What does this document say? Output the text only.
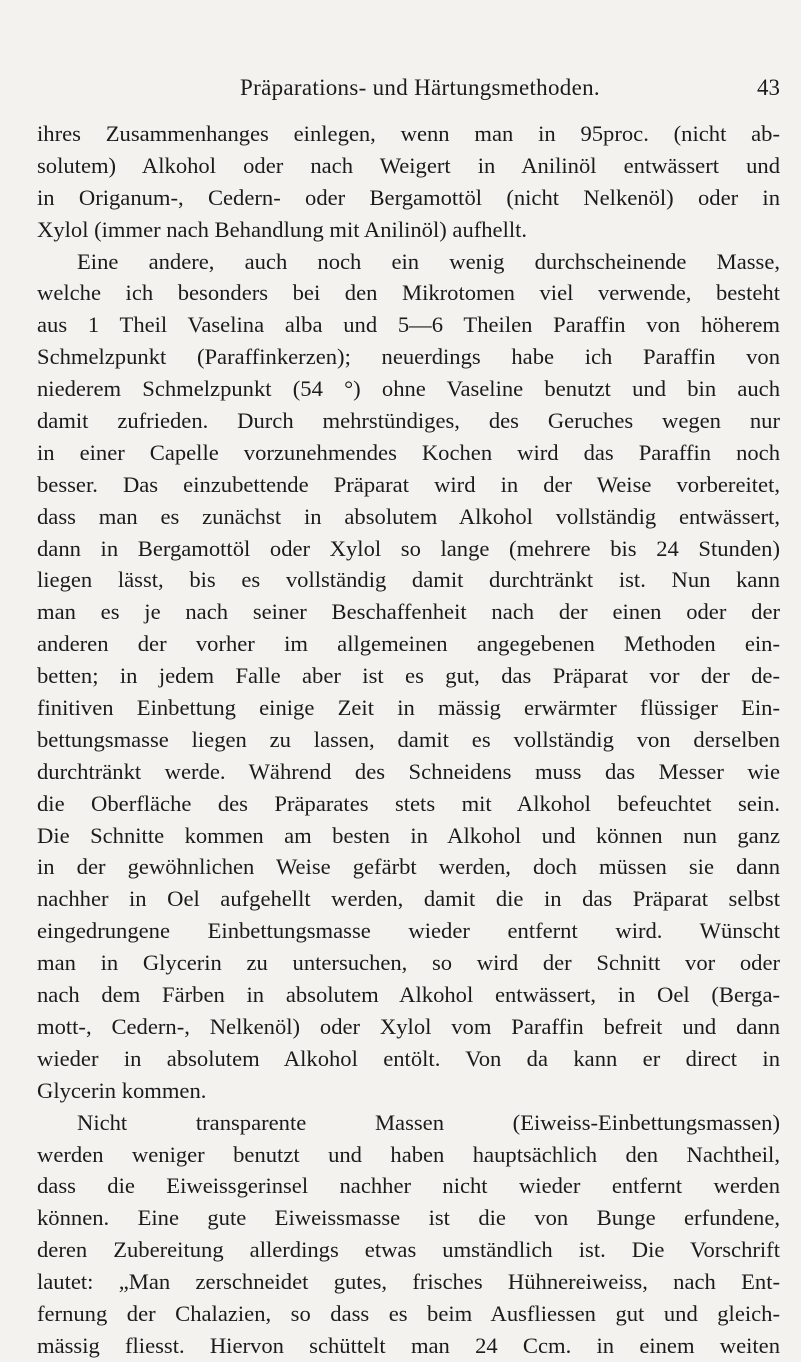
Präparations- und Härtungsmethoden.	43
ihres Zusammenhanges einlegen, wenn man in 95proc. (nicht ab-
solutem) Alkohol oder nach Weigert in Anilinöl entwässert und
in Origanum-, Cedern- oder Bergamottöl (nicht Nelkenöl) oder in
Xylol (immer nach Behandlung mit Anilinöl) aufhellt.
Eine andere, auch noch ein wenig durchscheinende Masse,
welche ich besonders bei den Mikrotomen viel verwende, besteht
aus 1 Theil Vaselina alba und 5—6 Theilen Paraffin von höherem
Schmelzpunkt (Paraffinkerzen); neuerdings habe ich Paraffin von
niederem Schmelzpunkt (54 °) ohne Vaseline benutzt und bin auch
damit zufrieden. Durch mehrstündiges, des Geruches wegen nur
in einer Capelle vorzunehmendes Kochen wird das Paraffin noch
besser. Das einzubettende Präparat wird in der Weise vorbereitet,
dass man es zunächst in absolutem Alkohol vollständig entwässert,
dann in Bergamottöl oder Xylol so lange (mehrere bis 24 Stunden)
liegen lässt, bis es vollständig damit durchtränkt ist. Nun kann
man es je nach seiner Beschaffenheit nach der einen oder der
anderen der vorher im allgemeinen angegebenen Methoden ein-
betten; in jedem Falle aber ist es gut, das Präparat vor der de-
finitiven Einbettung einige Zeit in mässig erwärmter flüssiger Ein-
bettungsmasse liegen zu lassen, damit es vollständig von derselben
durchtränkt werde. Während des Schneidens muss das Messer wie
die Oberfläche des Präparates stets mit Alkohol befeuchtet sein.
Die Schnitte kommen am besten in Alkohol und können nun ganz
in der gewöhnlichen Weise gefärbt werden, doch müssen sie dann
nachher in Oel aufgehellt werden, damit die in das Präparat selbst
eingedrungene Einbettungsmasse wieder entfernt wird. Wünscht
man in Glycerin zu untersuchen, so wird der Schnitt vor oder
nach dem Färben in absolutem Alkohol entwässert, in Oel (Berga-
mott-, Cedern-, Nelkenöl) oder Xylol vom Paraffin befreit und dann
wieder in absolutem Alkohol entölt. Von da kann er direct in
Glycerin kommen.
Nicht transparente Massen (Eiweiss-Einbettungsmassen)
werden weniger benutzt und haben hauptsächlich den Nachtheil,
dass die Eiweissgerinsel nachher nicht wieder entfernt werden
können. Eine gute Eiweissmasse ist die von Bunge erfundene,
deren Zubereitung allerdings etwas umständlich ist. Die Vorschrift
lautet: „Man zerschneidet gutes, frisches Hühnereiweiss, nach Ent-
fernung der Chalazien, so dass es beim Ausfliessen gut und gleich-
mässig fliesst. Hiervon schüttelt man 24 Ccm. in einem weiten
